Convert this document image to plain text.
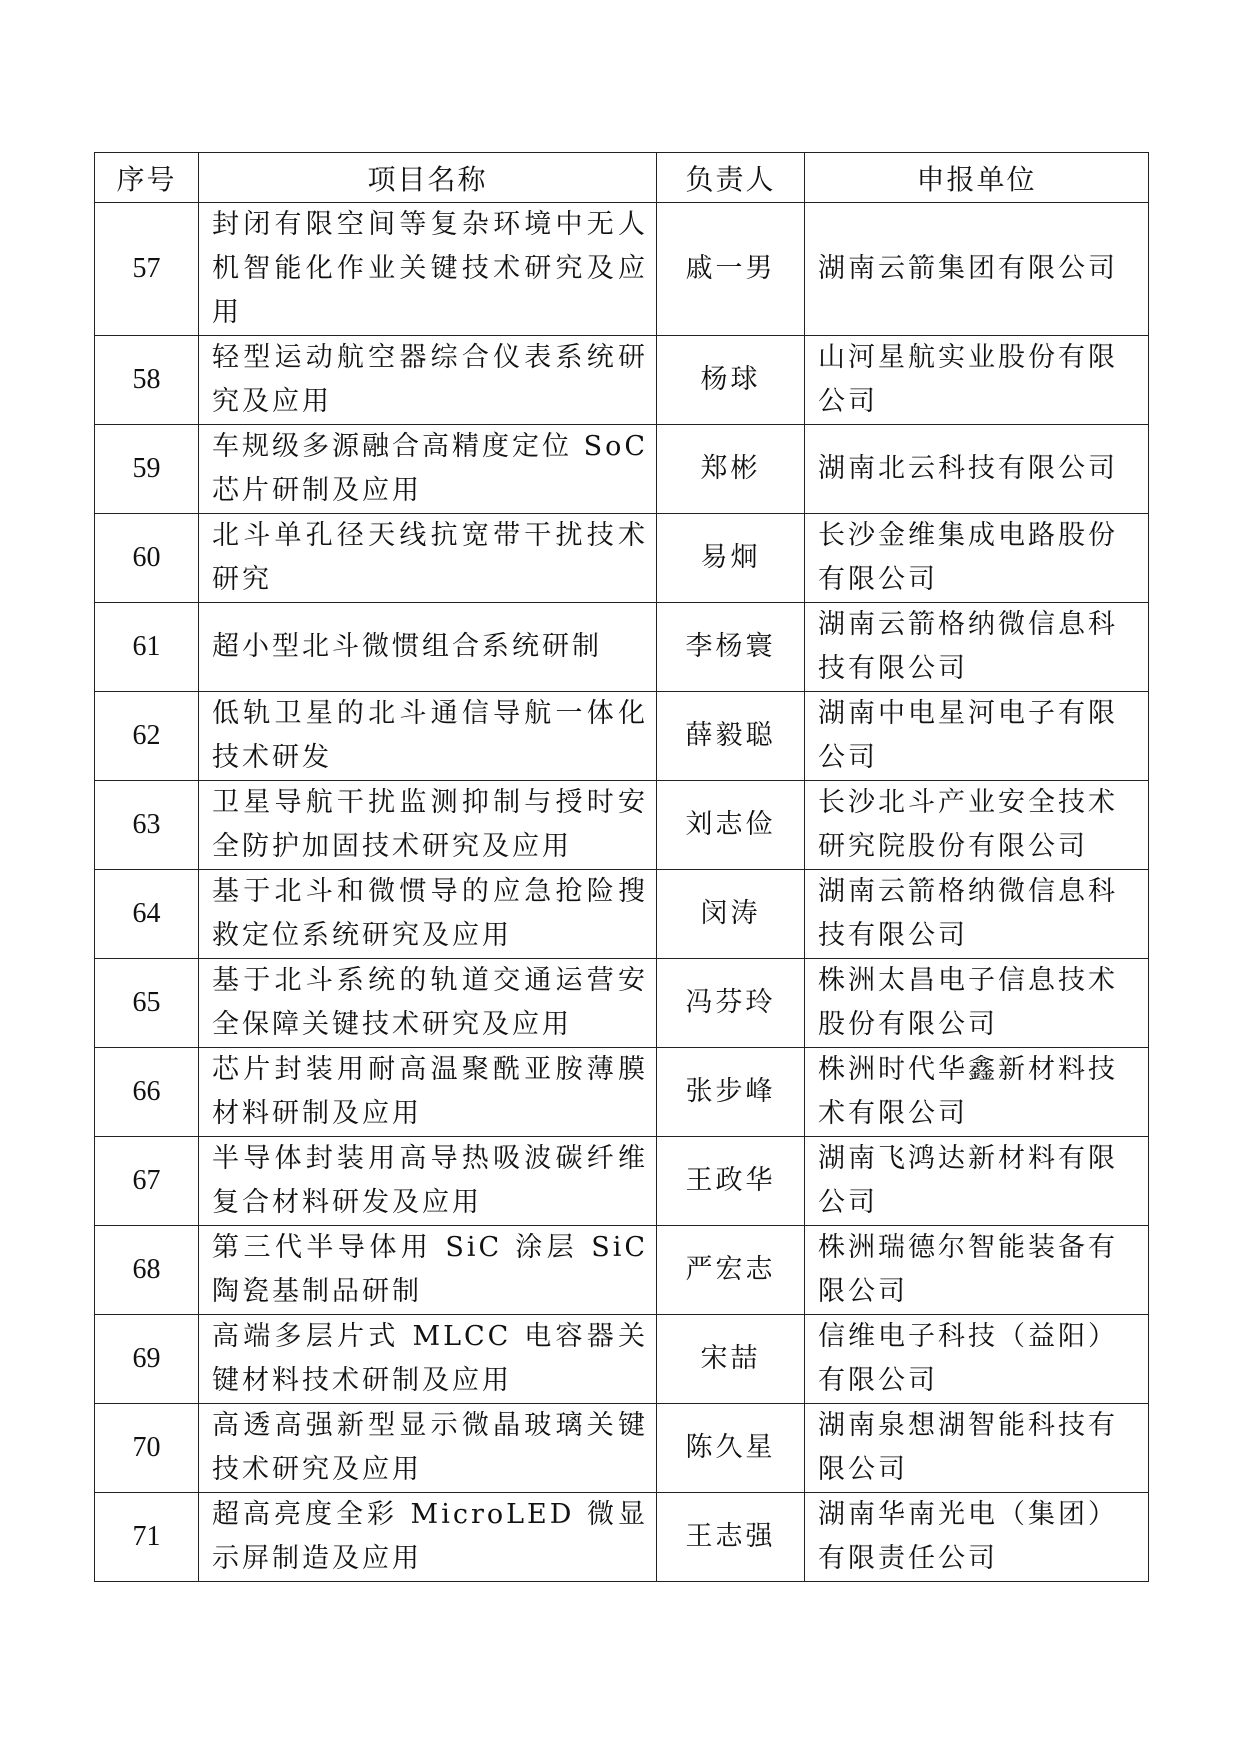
序号	项目名称	负责人	申报单位
57	封闭有限空间等复杂环境中无人机智能化作业关键技术研究及应用	戚一男	湖南云箭集团有限公司
58	轻型运动航空器综合仪表系统研究及应用	杨球	山河星航实业股份有限公司
59	车规级多源融合高精度定位 SoC 芯片研制及应用	郑彬	湖南北云科技有限公司
60	北斗单孔径天线抗宽带干扰技术研究	易炯	长沙金维集成电路股份有限公司
61	超小型北斗微惯组合系统研制	李杨寰	湖南云箭格纳微信息科技有限公司
62	低轨卫星的北斗通信导航一体化技术研发	薛毅聪	湖南中电星河电子有限公司
63	卫星导航干扰监测抑制与授时安全防护加固技术研究及应用	刘志俭	长沙北斗产业安全技术研究院股份有限公司
64	基于北斗和微惯导的应急抢险搜救定位系统研究及应用	闵涛	湖南云箭格纳微信息科技有限公司
65	基于北斗系统的轨道交通运营安全保障关键技术研究及应用	冯芬玲	株洲太昌电子信息技术股份有限公司
66	芯片封装用耐高温聚酰亚胺薄膜材料研制及应用	张步峰	株洲时代华鑫新材料技术有限公司
67	半导体封装用高导热吸波碳纤维复合材料研发及应用	王政华	湖南飞鸿达新材料有限公司
68	第三代半导体用 SiC 涂层 SiC 陶瓷基制品研制	严宏志	株洲瑞德尔智能装备有限公司
69	高端多层片式 MLCC 电容器关键材料技术研制及应用	宋喆	信维电子科技（益阳）有限公司
70	高透高强新型显示微晶玻璃关键技术研究及应用	陈久星	湖南泉想湖智能科技有限公司
71	超高亮度全彩 MicroLED 微显示屏制造及应用	王志强	湖南华南光电（集团）有限责任公司
